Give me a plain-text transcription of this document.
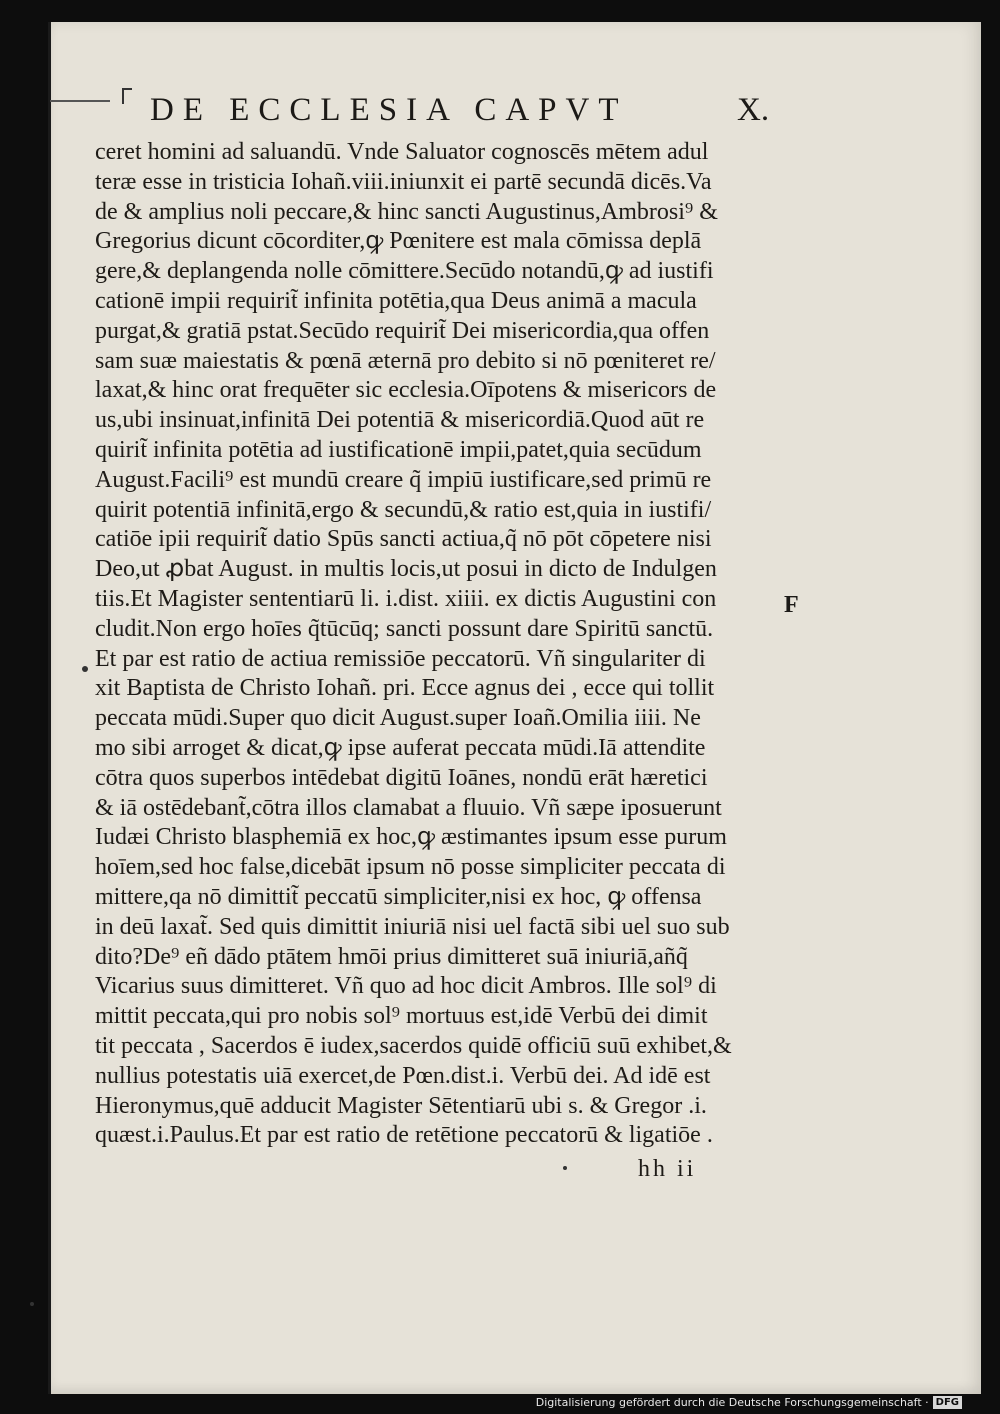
DE ECCLESIA CAPVT	X.
ceret homini ad saluandū. Vnde Saluator cognoscēs mētem adul
teræ esse in tristicia Iohañ.viii.iniunxit ei partē secundā dicēs.Va
de & amplius noli peccare,& hinc sancti Augustinus,Ambrosi⁹ &
Gregorius dicunt cōcorditer,ꝙ Pœnitere est mala cōmissa deplā
gere,& deplangenda nolle cōmittere.Secūdo notandū,ꝙ ad iustifi
cationē impii requirit̃ infinita potētia,qua Deus animā a macula
purgat,& gratiā pstat.Secūdo requirit̃ Dei misericordia,qua offen
sam suæ maiestatis & pœnā æternā pro debito si nō pœniteret re/
laxat,& hinc orat frequēter sic ecclesia.Oīpotens & misericors de
us,ubi insinuat,infinitā Dei potentiā & misericordiā.Quod aūt re
quirit̃ infinita potētia ad iustificationē impii,patet,quia secūdum
August.Facili⁹ est mundū creare q̃ impiū iustificare,sed primū re
quirit potentiā infinitā,ergo & secundū,& ratio est,quia in iustifi/
catiōe ipii requirit̃ datio Spūs sancti actiua,q̃ nō pōt cōpetere nisi
Deo,ut ꝓbat August. in multis locis,ut posui in dicto de Indulgen
tiis.Et Magister sententiarū li. i.dist. xiiii. ex dictis Augustini con
cludit.Non ergo hoīes q̃tūcūq; sancti possunt dare Spiritū sanctū.
Et par est ratio de actiua remissiōe peccatorū. Vñ singulariter di
xit Baptista de Christo Iohañ. pri. Ecce agnus dei , ecce qui tollit
peccata mūdi.Super quo dicit August.super Ioañ.Omilia iiii. Ne
mo sibi arroget & dicat,ꝙ ipse auferat peccata mūdi.Iā attendite
cōtra quos superbos intēdebat digitū Ioānes, nondū erāt hæretici
& iā ostēdebant̃,cōtra illos clamabat a fluuio. Vñ sæpe iposuerunt
Iudæi Christo blasphemiā ex hoc,ꝙ æstimantes ipsum esse purum
hoīem,sed hoc false,dicebāt ipsum nō posse simpliciter peccata di
mittere,qa nō dimittit̃ peccatū simpliciter,nisi ex hoc, ꝙ offensa
in deū laxat̃. Sed quis dimittit iniuriā nisi uel factā sibi uel suo sub
dito?De⁹ eñ dādo ptātem hmōi prius dimitteret suā iniuriā,añq̃
Vicarius suus dimitteret. Vñ quo ad hoc dicit Ambros. Ille sol⁹ di
mittit peccata,qui pro nobis sol⁹ mortuus est,idē Verbū dei dimit
tit peccata , Sacerdos ē iudex,sacerdos quidē officiū suū exhibet,&
nullius potestatis uiā exercet,de Pœn.dist.i. Verbū dei. Ad idē est
Hieronymus,quē adducit Magister Sētentiarū ubi s. & Gregor .i.
quæst.i.Paulus.Et par est ratio de retētione peccatorū & ligatiōe .
F
hh ii
Digitalisierung gefördert durch die Deutsche Forschungsgemeinschaft · DFG
